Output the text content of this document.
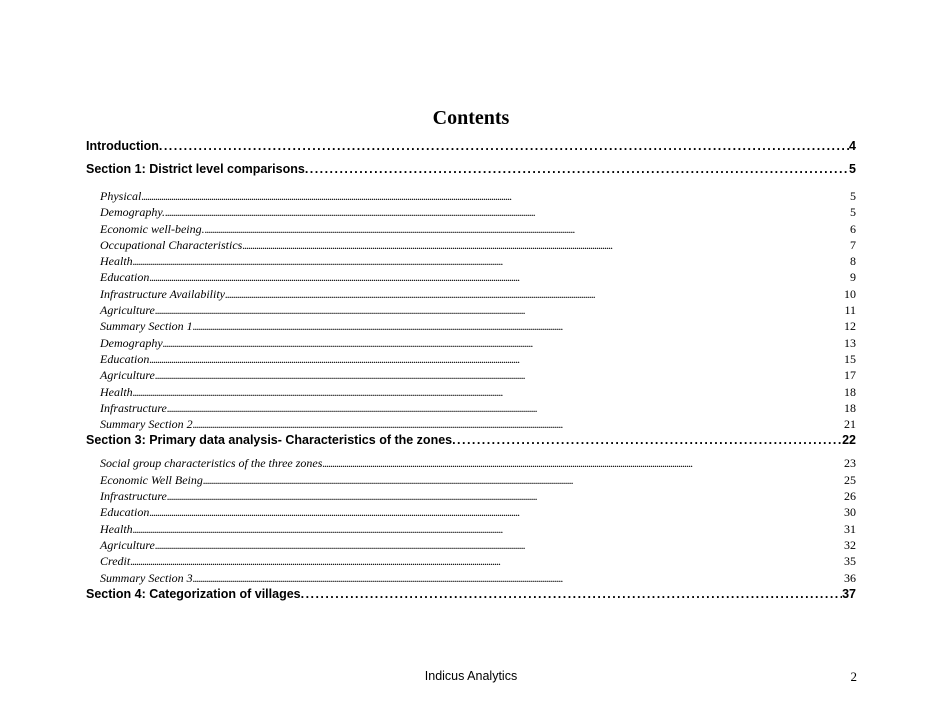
Contents
Introduction . . .	4
Section 1: District level comparisons . . .	5
Physical . . .	5
Demography. . . .	5
Economic well-being. . . .	6
Occupational Characteristics . . .	7
Health . . .	8
Education . . .	9
Infrastructure Availability . . .	10
Agriculture . . .	11
Summary Section 1 . . .	12
Demography . . .	13
Education . . .	15
Agriculture . . .	17
Health . . .	18
Infrastructure . . .	18
Summary Section 2 . . .	21
Section 3: Primary data analysis- Characteristics of the zones . . .	22
Social group characteristics of the three zones . . .	23
Economic Well Being . . .	25
Infrastructure . . .	26
Education . . .	30
Health . . .	31
Agriculture . . .	32
Credit . . .	35
Summary Section 3 . . .	36
Section 4: Categorization of villages . . .	37
Indicus Analytics	2
